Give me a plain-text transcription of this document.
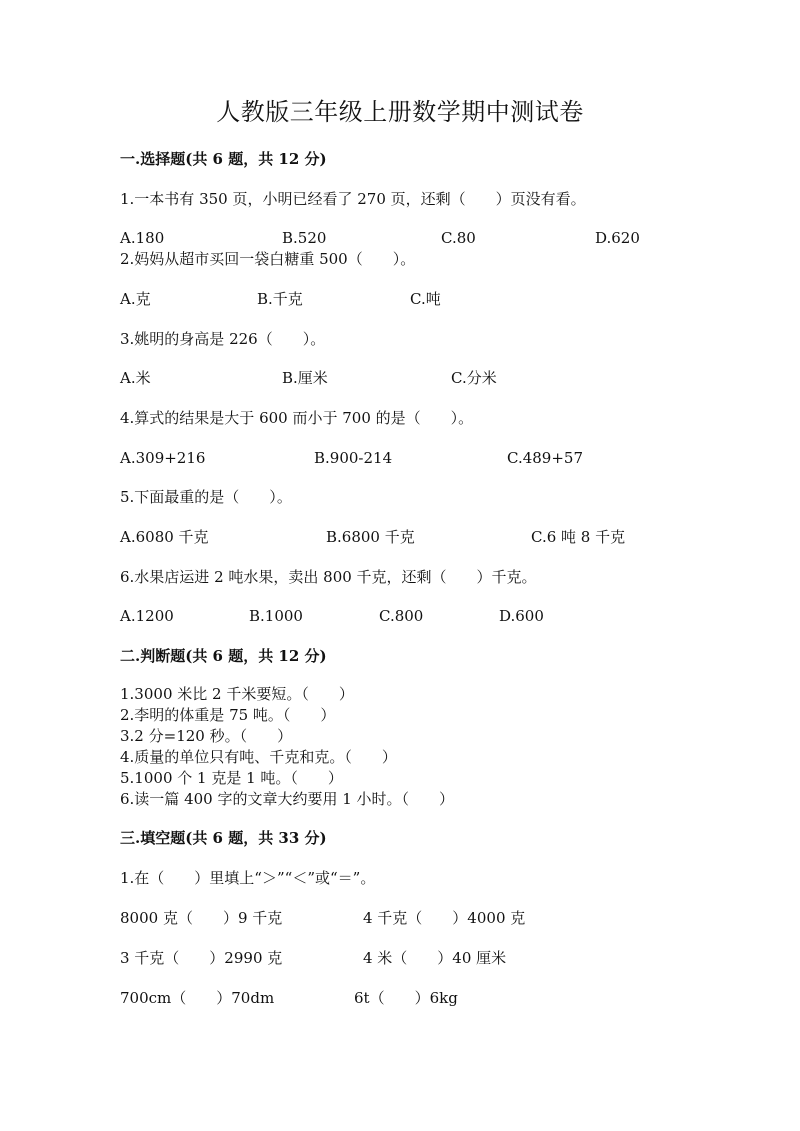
人教版三年级上册数学期中测试卷
一.选择题(共 6 题，共 12 分)
1.一本书有 350 页，小明已经看了 270 页，还剩（　　）页没有看。
A.180	B.520	C.80	D.620
2.妈妈从超市买回一袋白糖重 500（　　）。
A.克	B.千克	C.吨
3.姚明的身高是 226（　　）。
A.米	B.厘米	C.分米
4.算式的结果是大于 600 而小于 700 的是（　　）。
A.309+216	B.900-214	C.489+57
5.下面最重的是（　　）。
A.6080 千克	B.6800 千克	C.6 吨 8 千克
6.水果店运进 2 吨水果，卖出 800 千克，还剩（　　）千克。
A.1200	B.1000	C.800	D.600
二.判断题(共 6 题，共 12 分)
1.3000 米比 2 千米要短。（　　）
2.李明的体重是 75 吨。（　　）
3.2 分=120 秒。（　　）
4.质量的单位只有吨、千克和克。（　　）
5.1000 个 1 克是 1 吨。（　　）
6.读一篇 400 字的文章大约要用 1 小时。（　　）
三.填空题(共 6 题，共 33 分)
1.在（　　）里填上“＞”“＜”或“＝”。
8000 克（　　）9 千克	4 千克（　　）4000 克
3 千克（　　）2990 克	4 米（　　）40 厘米
700cm（　　）70dm	6t（　　）6kg
